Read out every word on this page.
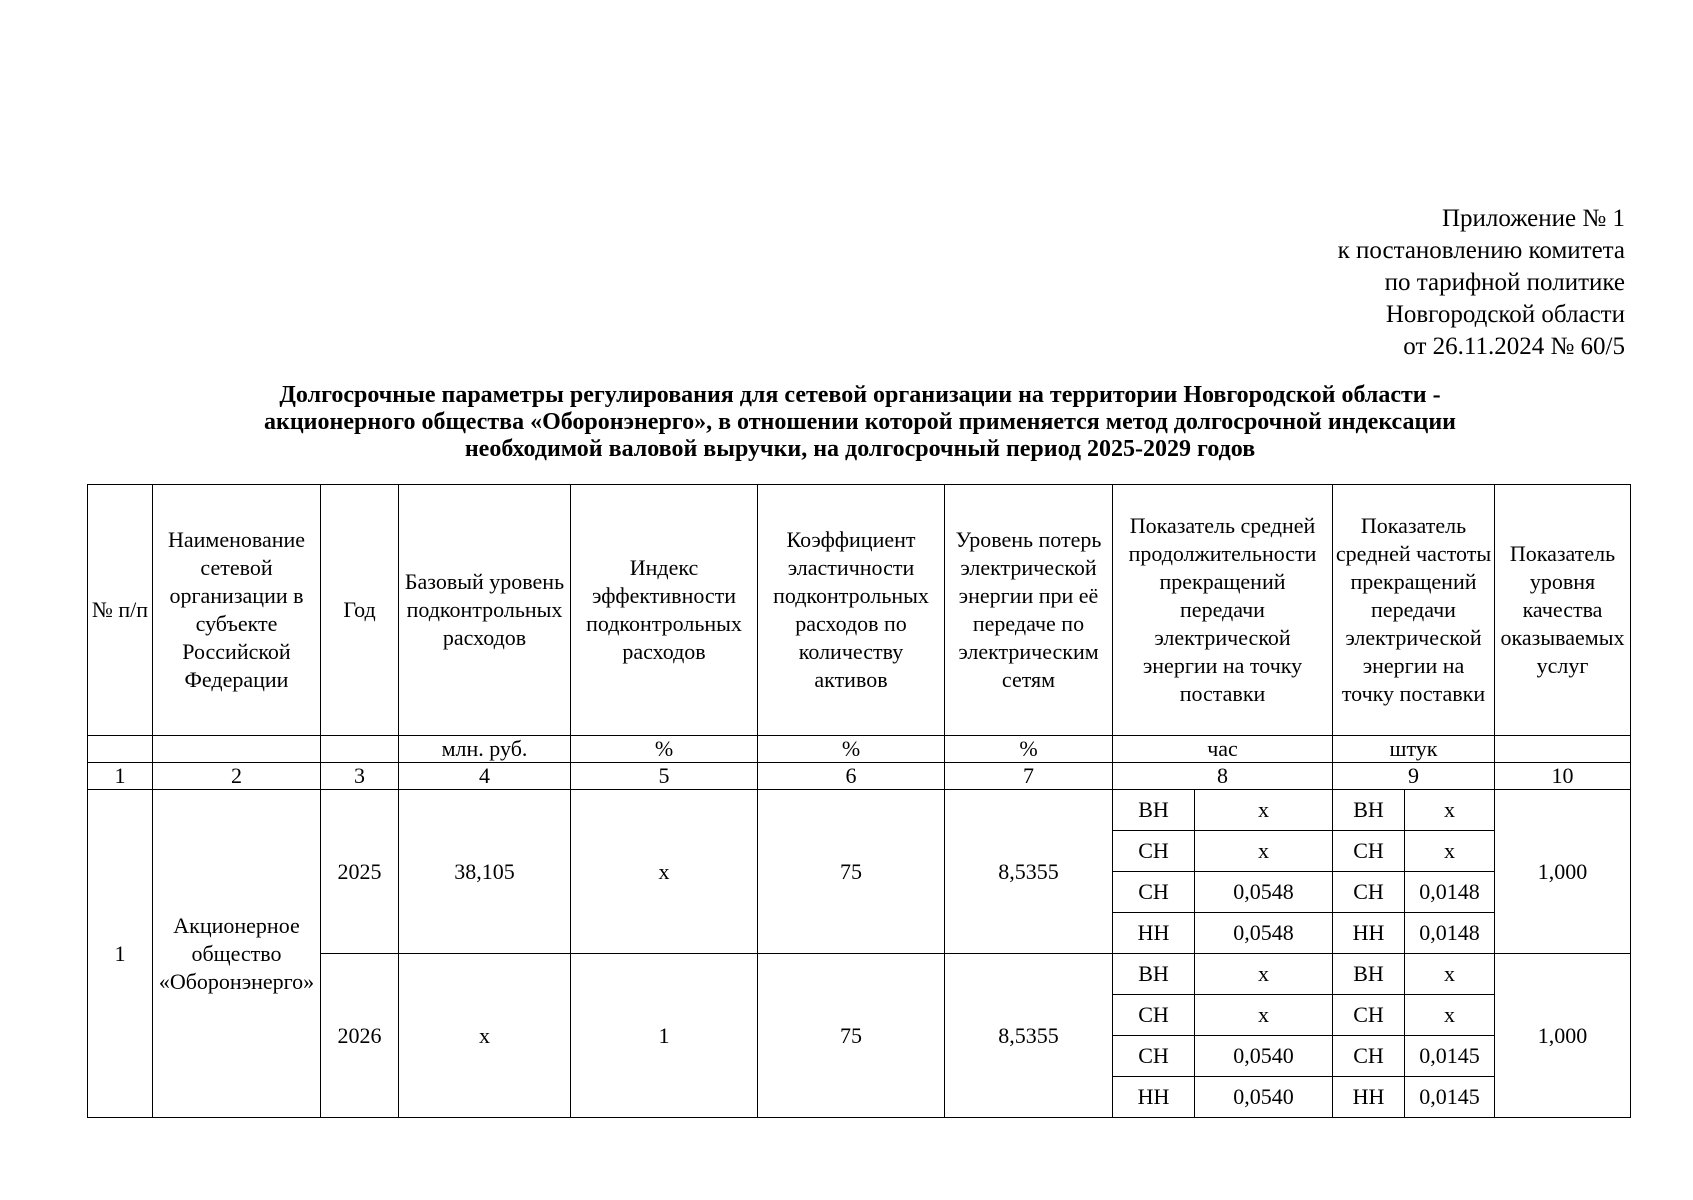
Приложение № 1
к постановлению комитета
по тарифной политике
Новгородской области
от 26.11.2024 № 60/5
Долгосрочные параметры регулирования для сетевой организации на территории Новгородской области -
акционерного общества «Оборонэнерго», в отношении которой применяется метод долгосрочной индексации
необходимой валовой выручки, на долгосрочный период 2025-2029 годов
№ п/п	Наименование сетевой организации в субъекте Российской Федерации	Год	Базовый уровень подконтрольных расходов	Индекс эффективности подконтрольных расходов	Коэффициент эластичности подконтрольных расходов по количеству активов	Уровень потерь электрической энергии при её передаче по электрическим сетям	Показатель средней продолжительности прекращений передачи электрической энергии на точку поставки		Показатель средней частоты прекращений передачи электрической энергии на точку поставки		Показатель уровня качества оказываемых услуг
			млн. руб.	%	%	%	час		штук		
1	2	3	4	5	6	7	8		9		10
1	Акционерное общество «Оборонэнерго»	2025	38,105	x	75	8,5355	ВН	x	ВН	x	1,000
							СН	x	СН	x	
							СН	0,0548	СН	0,0148	
							НН	0,0548	НН	0,0148	
		2026	x	1	75	8,5355	ВН	x	ВН	x	1,000
							СН	x	СН	x	
							СН	0,0540	СН	0,0145	
							НН	0,0540	НН	0,0145	
